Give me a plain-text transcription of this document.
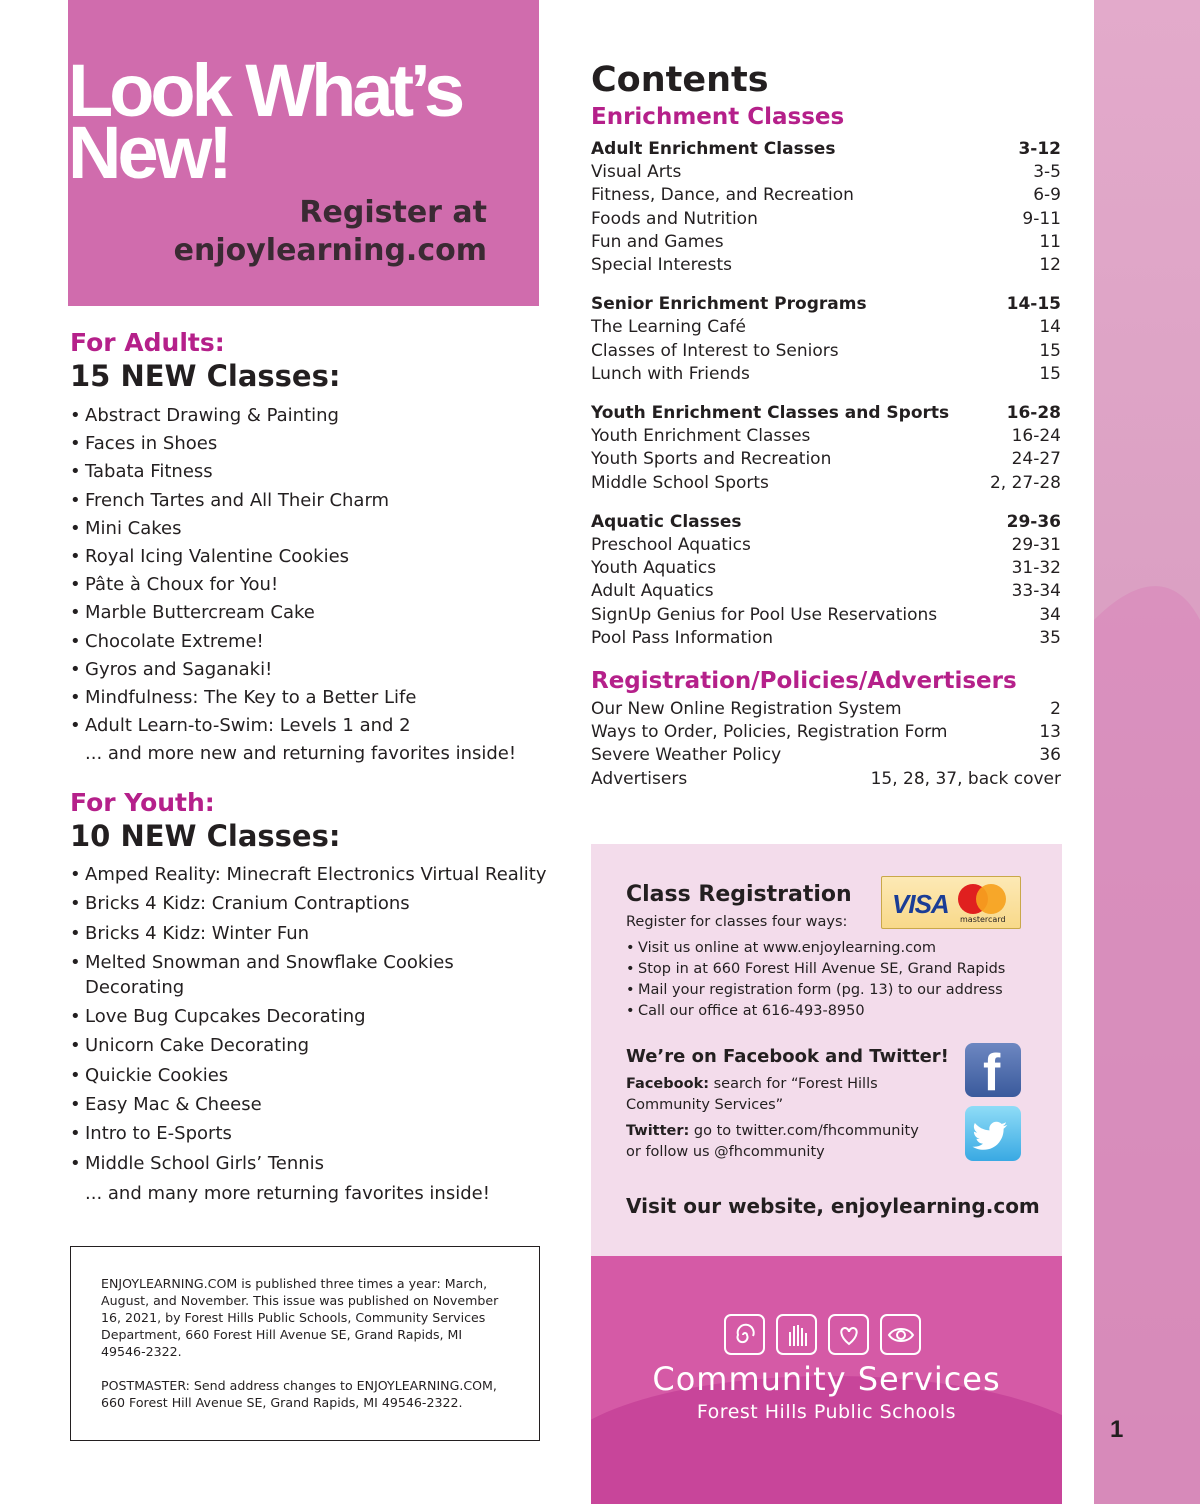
1
Look What’s
New!
Register at
enjoylearning.com
For Adults:
15 NEW Classes:
• Abstract Drawing & Painting
• Faces in Shoes
• Tabata Fitness
• French Tartes and All Their Charm
• Mini Cakes
• Royal Icing Valentine Cookies
• Pâte à Choux for You!
• Marble Buttercream Cake
• Chocolate Extreme!
• Gyros and Saganaki!
• Mindfulness: The Key to a Better Life
• Adult Learn-to-Swim: Levels 1 and 2
... and more new and returning favorites inside!
For Youth:
10 NEW Classes:
• Amped Reality: Minecraft Electronics Virtual Reality
• Bricks 4 Kidz: Cranium Contraptions
• Bricks 4 Kidz: Winter Fun
• Melted Snowman and Snowflake Cookies Decorating
• Love Bug Cupcakes Decorating
• Unicorn Cake Decorating
• Quickie Cookies
• Easy Mac & Cheese
• Intro to E-Sports
• Middle School Girls’ Tennis
... and many more returning favorites inside!

ENJOYLEARNING.COM is published three times a year: March, August, and November. This issue was published on November 16, 2021, by Forest Hills Public Schools, Community Services Department, 660 Forest Hill Avenue SE, Grand Rapids, MI 49546-2322.

POSTMASTER: Send address changes to ENJOYLEARNING.COM, 660 Forest Hill Avenue SE, Grand Rapids, MI 49546-2322.

Contents
Enrichment Classes
Adult Enrichment Classes	3-12
Visual Arts	3-5
Fitness, Dance, and Recreation	6-9
Foods and Nutrition	9-11
Fun and Games	11
Special Interests	12
Senior Enrichment Programs	14-15
The Learning Café	14
Classes of Interest to Seniors	15
Lunch with Friends	15
Youth Enrichment Classes and Sports	16-28
Youth Enrichment Classes	16-24
Youth Sports and Recreation	24-27
Middle School Sports	2, 27-28
Aquatic Classes	29-36
Preschool Aquatics	29-31
Youth Aquatics	31-32
Adult Aquatics	33-34
SignUp Genius for Pool Use Reservations	34
Pool Pass Information	35
Registration/Policies/Advertisers
Our New Online Registration System	2
Ways to Order, Policies, Registration Form	13
Severe Weather Policy	36
Advertisers	15, 28, 37, back cover
Class Registration VISA
mastercard
Register for classes four ways:
• Visit us online at www.enjoylearning.com
• Stop in at 660 Forest Hill Avenue SE, Grand Rapids
• Mail your registration form (pg. 13) to our address
• Call our office at 616-493-8950
We’re on Facebook and Twitter!
Facebook: search for “Forest Hills Community Services”
Twitter: go to twitter.com/fhcommunity or follow us @fhcommunity
f
Visit our website, enjoylearning.com
Community Services
Forest Hills Public Schools
